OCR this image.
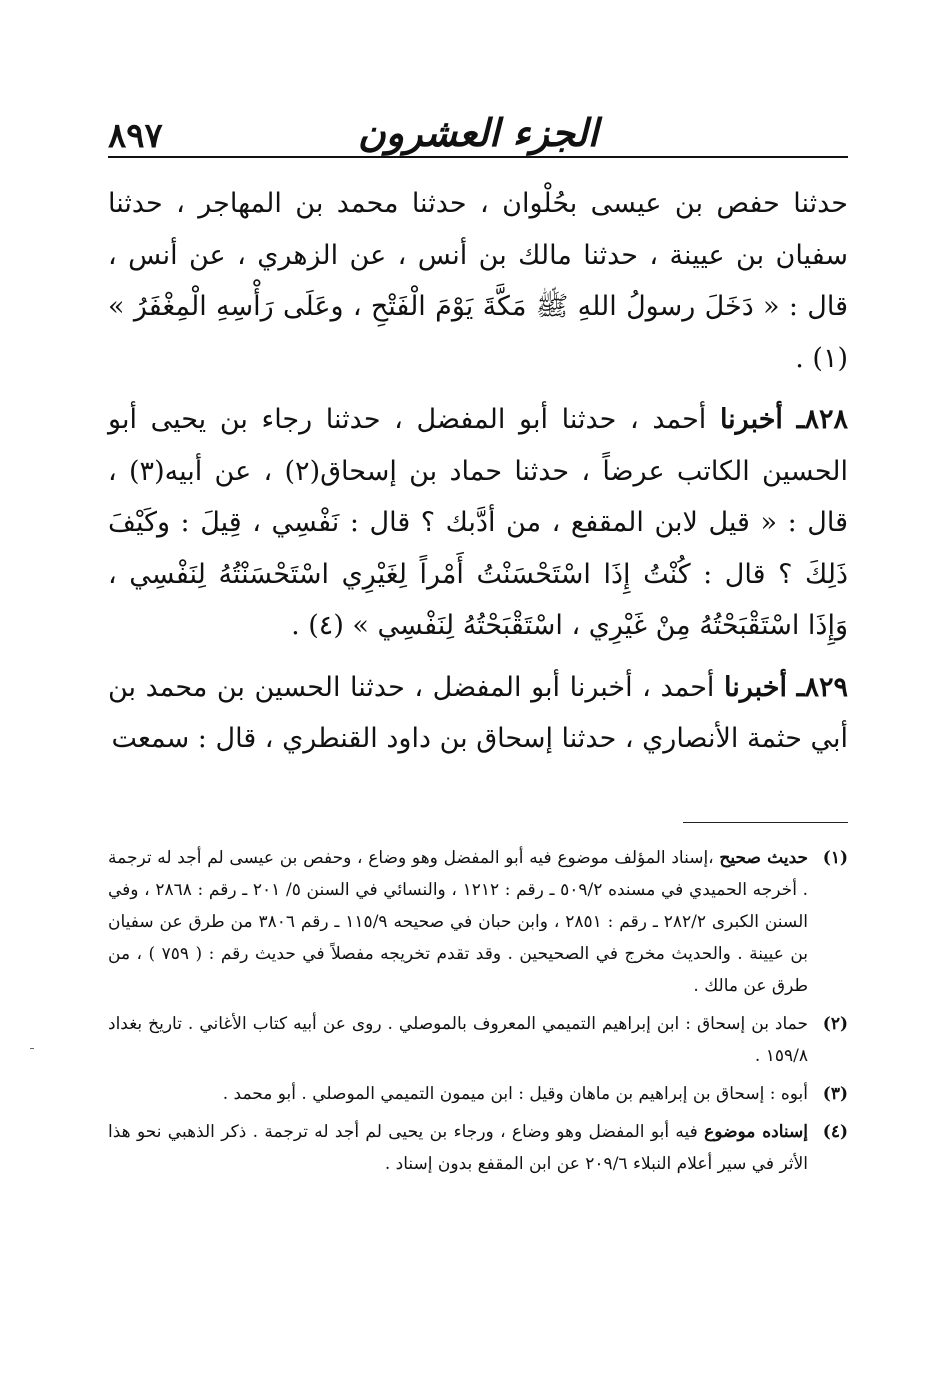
٨٩٧	الجزء العشرون

حدثنا حفص بن عيسى بحُلْوان ، حدثنا محمد بن المهاجر ، حدثنا سفيان بن عيينة ، حدثنا مالك بن أنس ، عن الزهري ، عن أنس ، قال : « دَخَلَ رسولُ اللهِ ﷺ مَكَّةَ يَوْمَ الْفَتْحِ ، وعَلَى رَأْسِهِ الْمِغْفَرُ » (١) .

٨٢٨ـ أخبرنا أحمد ، حدثنا أبو المفضل ، حدثنا رجاء بن يحيى أبو الحسين الكاتب عرضاً ، حدثنا حماد بن إسحاق(٢) ، عن أبيه(٣) ، قال : « قيل لابن المقفع ، من أدَّبك ؟ قال : نَفْسِي ، قِيلَ : وكَيْفَ ذَلِكَ ؟ قال : كُنْتُ إِذَا اسْتَحْسَنْتُ أَمْراً لِغَيْرِي اسْتَحْسَنْتُهُ لِنَفْسِي ، وَإِذَا اسْتَقْبَحْتُهُ مِنْ غَيْرِي ، اسْتَقْبَحْتُهُ لِنَفْسِي » (٤) .

٨٢٩ـ أخبرنا أحمد ، أخبرنا أبو المفضل ، حدثنا الحسين بن محمد بن أبي حثمة الأنصاري ، حدثنا إسحاق بن داود القنطري ، قال : سمعت

(١)
حديث صحيح ،إسناد المؤلف موضوع فيه أبو المفضل وهو وضاع ، وحفص بن عيسى لم أجد له ترجمة . أخرجه الحميدي في مسنده ٥٠٩/٢ ـ رقم : ١٢١٢ ، والنسائي في السنن ٥/ ٢٠١ ـ رقم : ٢٨٦٨ ، وفي السنن الكبرى ٢٨٢/٢ ـ رقم : ٢٨٥١ ، وابن حبان في صحيحه ١١٥/٩ ـ رقم ٣٨٠٦ من طرق عن سفيان بن عيينة . والحديث مخرج في الصحيحين . وقد تقدم تخريجه مفصلاً في حديث رقم : ( ٧٥٩ ) ، من طرق عن مالك .
(٢)
حماد بن إسحاق : ابن إبراهيم التميمي المعروف بالموصلي . روى عن أبيه كتاب الأغاني . تاريخ بغداد ١٥٩/٨ .
(٣)
أبوه : إسحاق بن إبراهيم بن ماهان وقيل : ابن ميمون التميمي الموصلي . أبو محمد .
(٤)
إسناده موضوع فيه أبو المفضل وهو وضاع ، ورجاء بن يحيى لم أجد له ترجمة . ذكر الذهبي نحو هذا الأثر في سير أعلام النبلاء ٢٠٩/٦ عن ابن المقفع بدون إسناد .
